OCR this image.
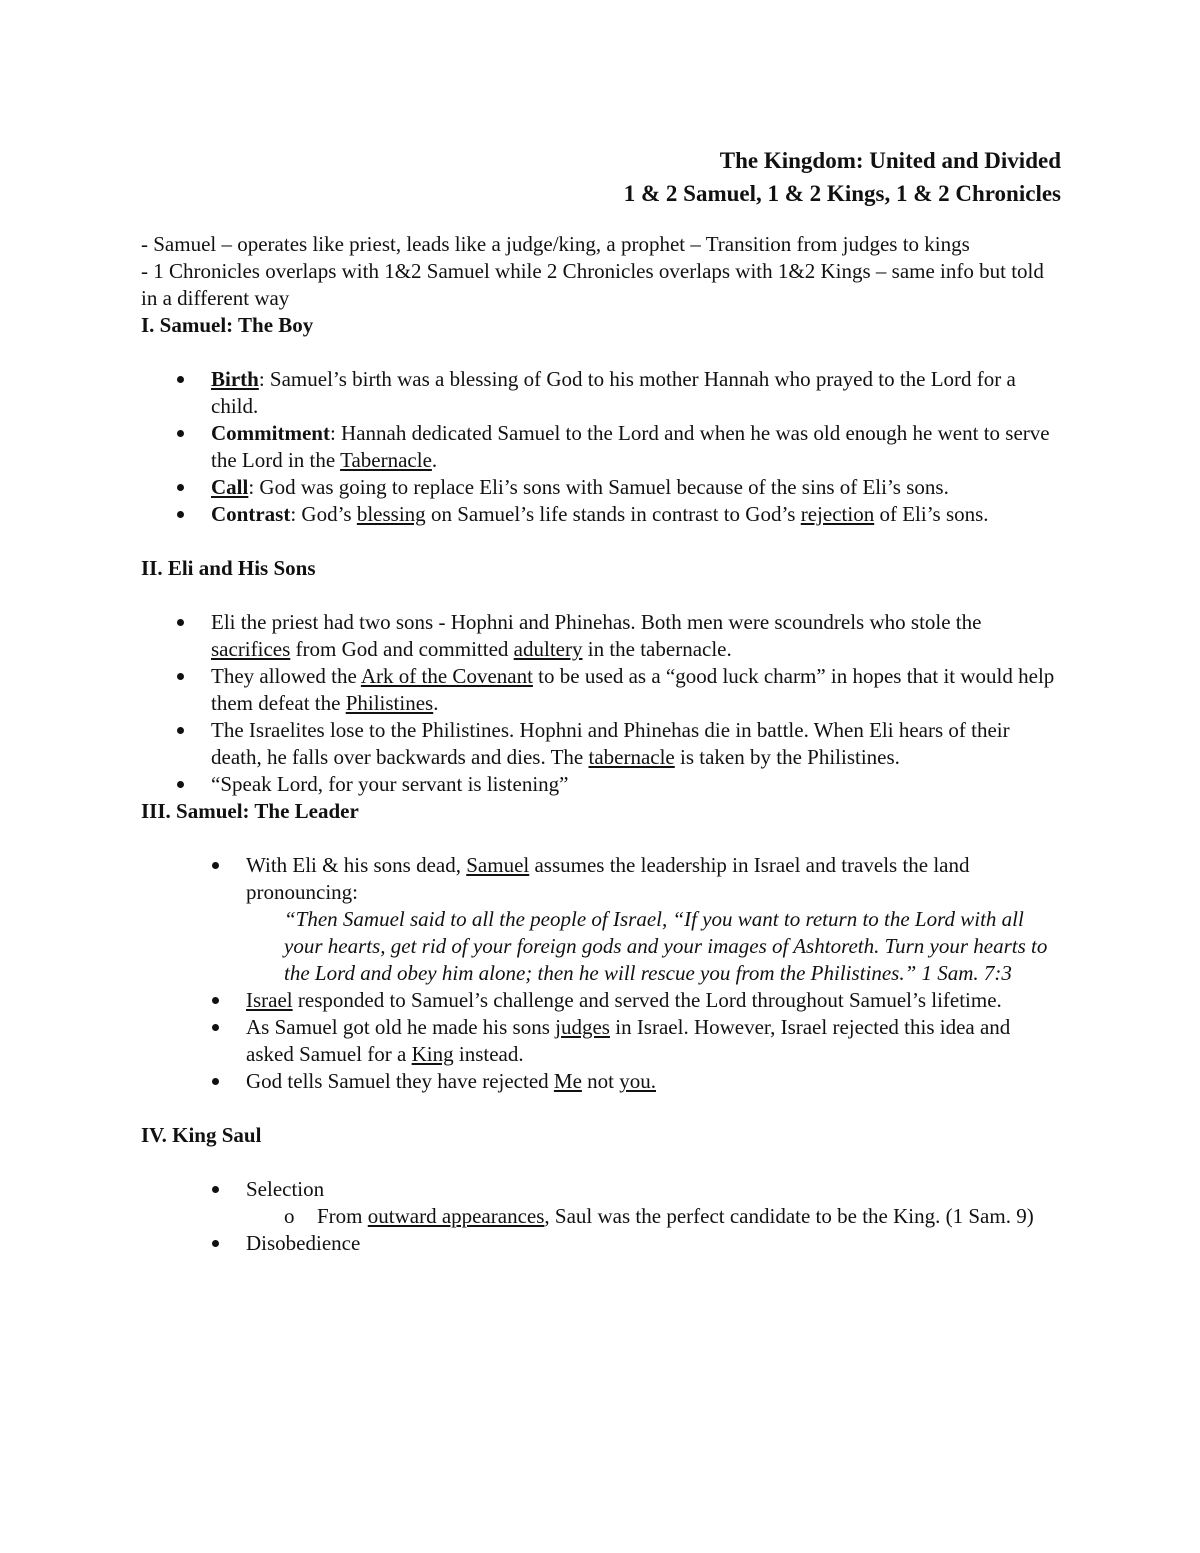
The Kingdom: United and Divided
1 & 2 Samuel, 1 & 2 Kings, 1 & 2 Chronicles

- Samuel – operates like priest, leads like a judge/king, a prophet – Transition from judges to kings

- 1 Chronicles overlaps with 1&2 Samuel while 2 Chronicles overlaps with 1&2 Kings – same info but told in a different way

I. Samuel: The Boy

Birth: Samuel’s birth was a blessing of God to his mother Hannah who prayed to the Lord for a child.
Commitment: Hannah dedicated Samuel to the Lord and when he was old enough he went to serve the Lord in the Tabernacle.
Call: God was going to replace Eli’s sons with Samuel because of the sins of Eli’s sons.
Contrast: God’s blessing on Samuel’s life stands in contrast to God’s rejection of Eli’s sons.

II. Eli and His Sons

Eli the priest had two sons - Hophni and Phinehas. Both men were scoundrels who stole the sacrifices from God and committed adultery in the tabernacle.
They allowed the Ark of the Covenant to be used as a “good luck charm” in hopes that it would help them defeat the Philistines.
The Israelites lose to the Philistines. Hophni and Phinehas die in battle. When Eli hears of their death, he falls over backwards and dies. The tabernacle is taken by the Philistines.
“Speak Lord, for your servant is listening”

III. Samuel: The Leader

With Eli & his sons dead, Samuel assumes the leadership in Israel and travels the land pronouncing:
“Then Samuel said to all the people of Israel, “If you want to return to the Lord with all your hearts, get rid of your foreign gods and your images of Ashtoreth. Turn your hearts to the Lord and obey him alone; then he will rescue you from the Philistines.” 1 Sam. 7:3
Israel responded to Samuel’s challenge and served the Lord throughout Samuel’s lifetime.
As Samuel got old he made his sons judges in Israel. However, Israel rejected this idea and asked Samuel for a King instead.
God tells Samuel they have rejected Me not you.

IV. King Saul

Selection
o From outward appearances, Saul was the perfect candidate to be the King. (1 Sam. 9)
Disobedience
